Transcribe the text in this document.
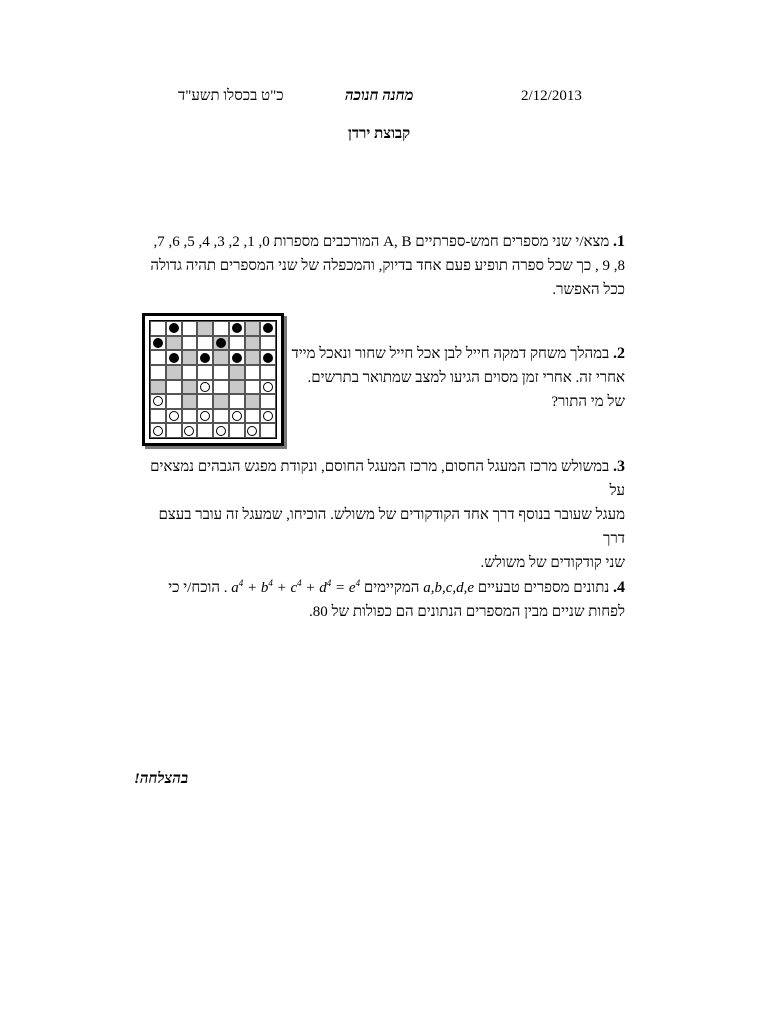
2/12/2013
מחנה חנוכה
כ"ט בכסלו תשע"ד
קבוצת ירדן
1. מצא/י שני מספרים חמש-ספרתיים A, B המורכבים מספרות 0, 1, 2, 3, 4, 5, 6, 7,
8, 9 , כך שכל ספרה תופיע פעם אחד בדיוק, והמכפלה של שני המספרים תהיה גדולה
ככל האפשר.
2. במהלך משחק דמקה חייל לבן אכל חייל שחור ונאכל מייד
אחרי זה. אחרי זמן מסוים הגיעו למצב שמתואר בתרשים.
של מי התור?
3. במשולש מרכז המעגל החסום, מרכז המעגל החוסם, ונקודת מפגש הגבהים נמצאים על
מעגל שעובר בנוסף דרך אחד הקודקודים של משולש. הוכיחו, שמעגל זה עובר בעצם דרך
שני קודקודים של משולש.
4. נתונים מספרים טבעיים a,b,c,d,e המקיימים $a^4 + b^4 + c^4 + d^4 = e^4$ . הוכח/י כי
לפחות שניים מבין המספרים הנתונים הם כפולות של 80.
בהצלחה!
